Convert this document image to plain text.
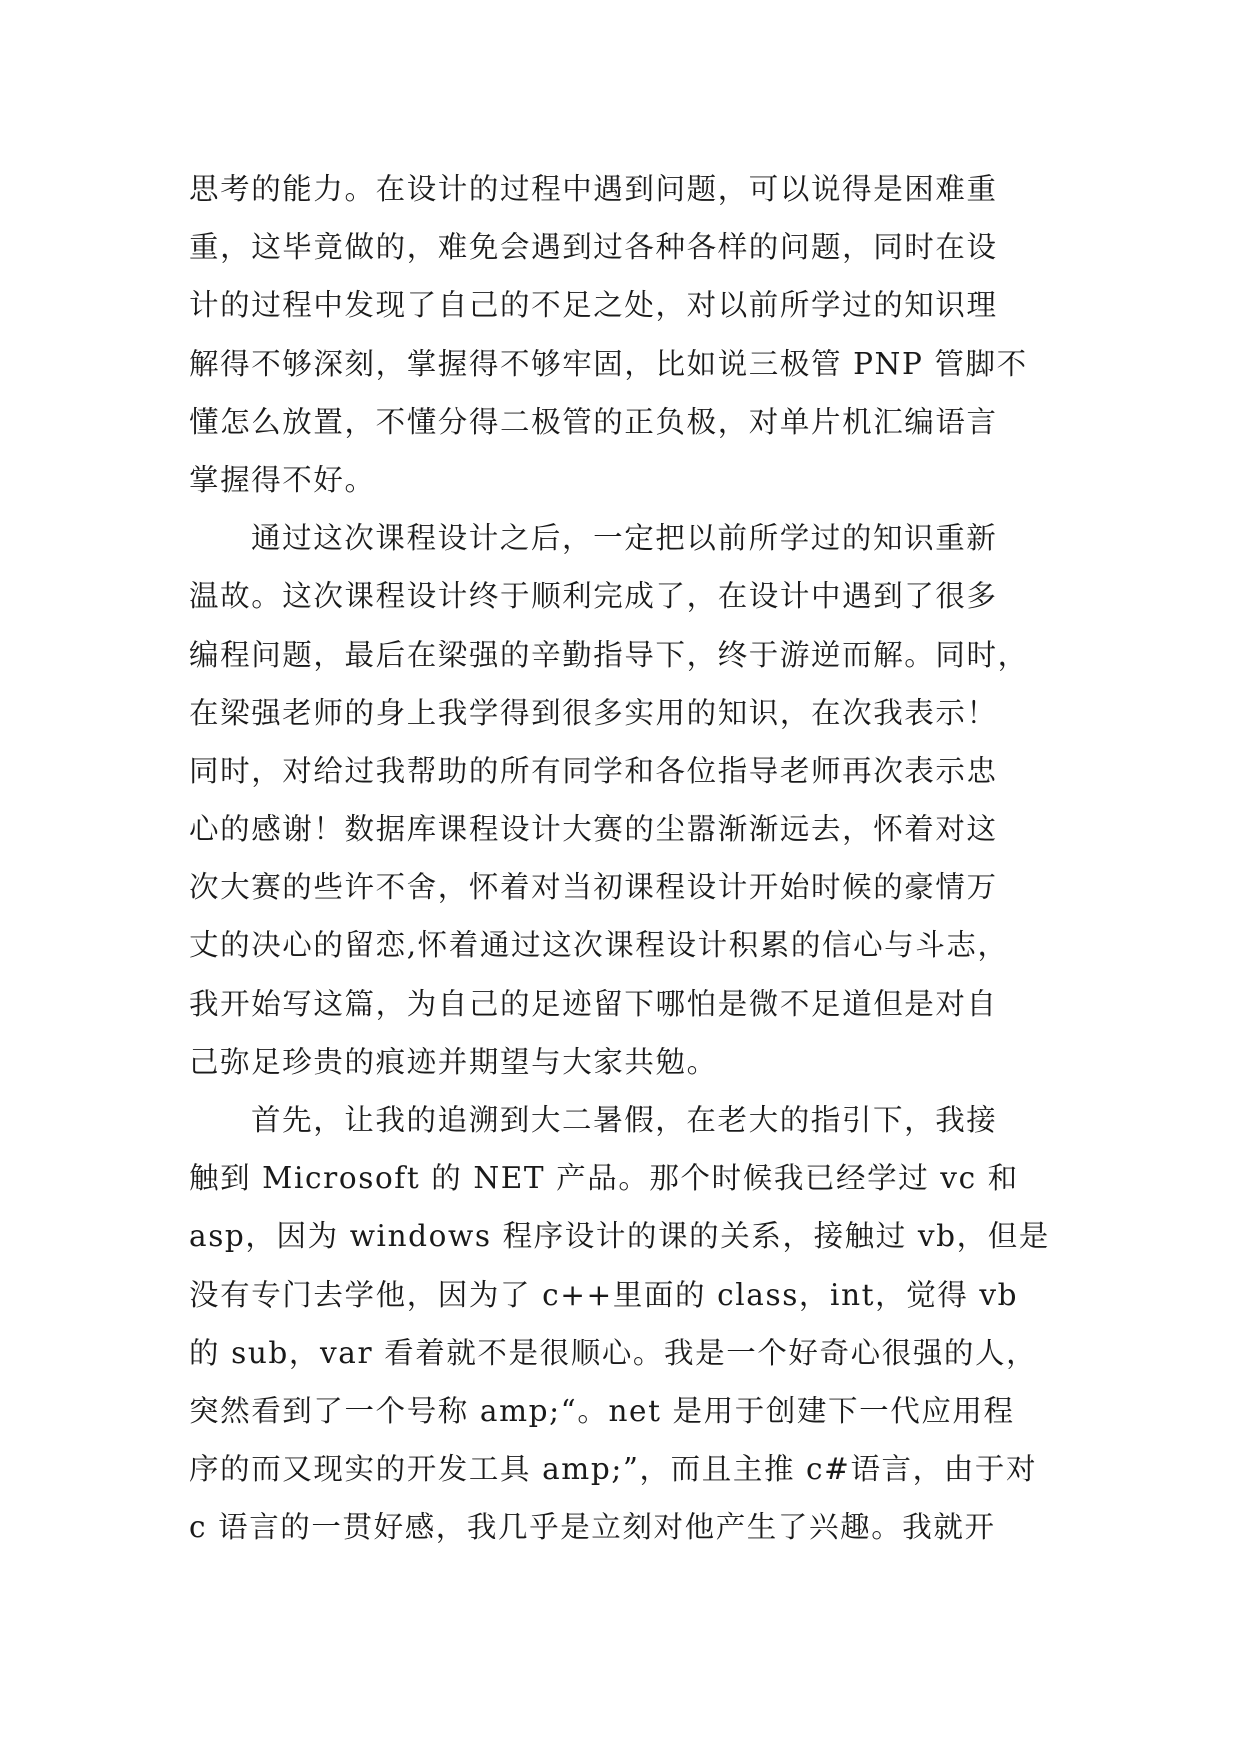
思考的能力。在设计的过程中遇到问题，可以说得是困难重
重，这毕竟做的，难免会遇到过各种各样的问题，同时在设
计的过程中发现了自己的不足之处，对以前所学过的知识理
解得不够深刻，掌握得不够牢固，比如说三极管 PNP 管脚不
懂怎么放置，不懂分得二极管的正负极，对单片机汇编语言
掌握得不好。
通过这次课程设计之后，一定把以前所学过的知识重新
温故。这次课程设计终于顺利完成了，在设计中遇到了很多
编程问题，最后在梁强的辛勤指导下，终于游逆而解。同时，
在梁强老师的身上我学得到很多实用的知识，在次我表示！
同时，对给过我帮助的所有同学和各位指导老师再次表示忠
心的感谢！数据库课程设计大赛的尘嚣渐渐远去，怀着对这
次大赛的些许不舍，怀着对当初课程设计开始时候的豪情万
丈的决心的留恋,怀着通过这次课程设计积累的信心与斗志，
我开始写这篇，为自己的足迹留下哪怕是微不足道但是对自
己弥足珍贵的痕迹并期望与大家共勉。
首先，让我的追溯到大二暑假，在老大的指引下，我接
触到 Microsoft 的 NET 产品。那个时候我已经学过 vc 和
asp，因为 windows 程序设计的课的关系，接触过 vb，但是
没有专门去学他，因为了 c++里面的 class，int，觉得 vb
的 sub，var 看着就不是很顺心。我是一个好奇心很强的人，
突然看到了一个号称 amp;“。net 是用于创建下一代应用程
序的而又现实的开发工具 amp;”，而且主推 c#语言，由于对
c 语言的一贯好感，我几乎是立刻对他产生了兴趣。我就开
